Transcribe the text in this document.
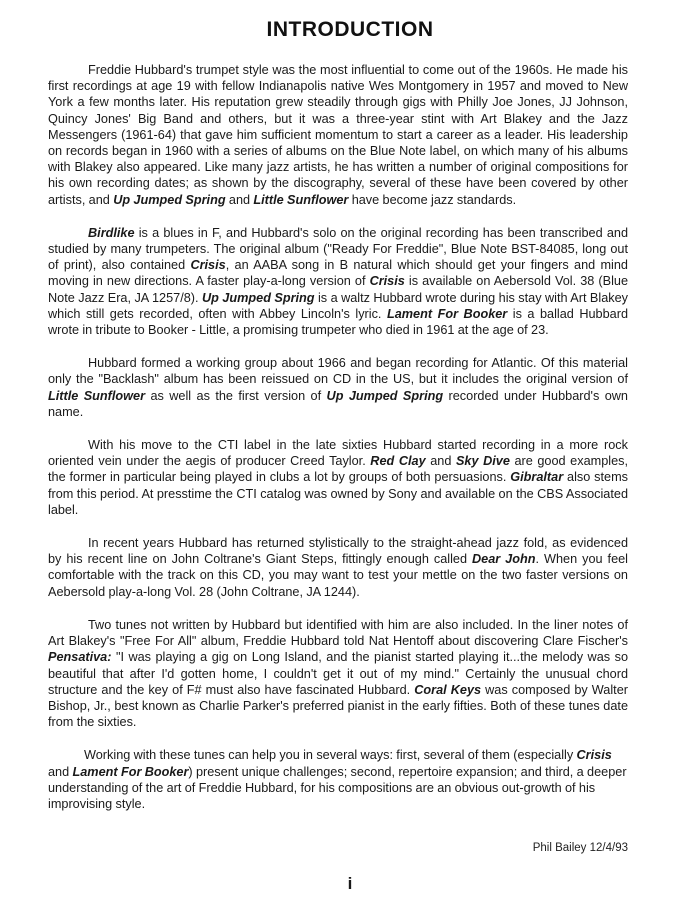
INTRODUCTION

Freddie Hubbard's trumpet style was the most influential to come out of the 1960s. He made his first recordings at age 19 with fellow Indianapolis native Wes Montgomery in 1957 and moved to New York a few months later. His reputation grew steadily through gigs with Philly Joe Jones, JJ Johnson, Quincy Jones' Big Band and others, but it was a three-year stint with Art Blakey and the Jazz Messengers (1961-64) that gave him sufficient momentum to start a career as a leader. His leadership on records began in 1960 with a series of albums on the Blue Note label, on which many of his albums with Blakey also appeared. Like many jazz artists, he has written a number of original compositions for his own recording dates; as shown by the discography, several of these have been covered by other artists, and Up Jumped Spring and Little Sunflower have become jazz standards.

Birdlike is a blues in F, and Hubbard's solo on the original recording has been transcribed and studied by many trumpeters. The original album ("Ready For Freddie", Blue Note BST-84085, long out of print), also contained Crisis, an AABA song in B natural which should get your fingers and mind moving in new directions. A faster play-a-long version of Crisis is available on Aebersold Vol. 38 (Blue Note Jazz Era, JA 1257/8). Up Jumped Spring is a waltz Hubbard wrote during his stay with Art Blakey which still gets recorded, often with Abbey Lincoln's lyric. Lament For Booker is a ballad Hubbard wrote in tribute to Booker - Little, a promising trumpeter who died in 1961 at the age of 23.

Hubbard formed a working group about 1966 and began recording for Atlantic. Of this material only the "Backlash" album has been reissued on CD in the US, but it includes the original version of Little Sunflower as well as the first version of Up Jumped Spring recorded under Hubbard's own name.

With his move to the CTI label in the late sixties Hubbard started recording in a more rock oriented vein under the aegis of producer Creed Taylor. Red Clay and Sky Dive are good examples, the former in particular being played in clubs a lot by groups of both persuasions. Gibraltar also stems from this period. At presstime the CTI catalog was owned by Sony and available on the CBS Associated label.

In recent years Hubbard has returned stylistically to the straight-ahead jazz fold, as evidenced by his recent line on John Coltrane's Giant Steps, fittingly enough called Dear John. When you feel comfortable with the track on this CD, you may want to test your mettle on the two faster versions on Aebersold play-a-long Vol. 28 (John Coltrane, JA 1244).

Two tunes not written by Hubbard but identified with him are also included. In the liner notes of Art Blakey's "Free For All" album, Freddie Hubbard told Nat Hentoff about discovering Clare Fischer's Pensativa: "I was playing a gig on Long Island, and the pianist started playing it...the melody was so beautiful that after I'd gotten home, I couldn't get it out of my mind." Certainly the unusual chord structure and the key of F# must also have fascinated Hubbard. Coral Keys was composed by Walter Bishop, Jr., best known as Charlie Parker's preferred pianist in the early fifties. Both of these tunes date from the sixties.

Working with these tunes can help you in several ways: first, several of them (especially Crisis and Lament For Booker) present unique challenges; second, repertoire expansion; and third, a deeper understanding of the art of Freddie Hubbard, for his compositions are an obvious out-growth of his improvising style.

Phil Bailey 12/4/93
i
